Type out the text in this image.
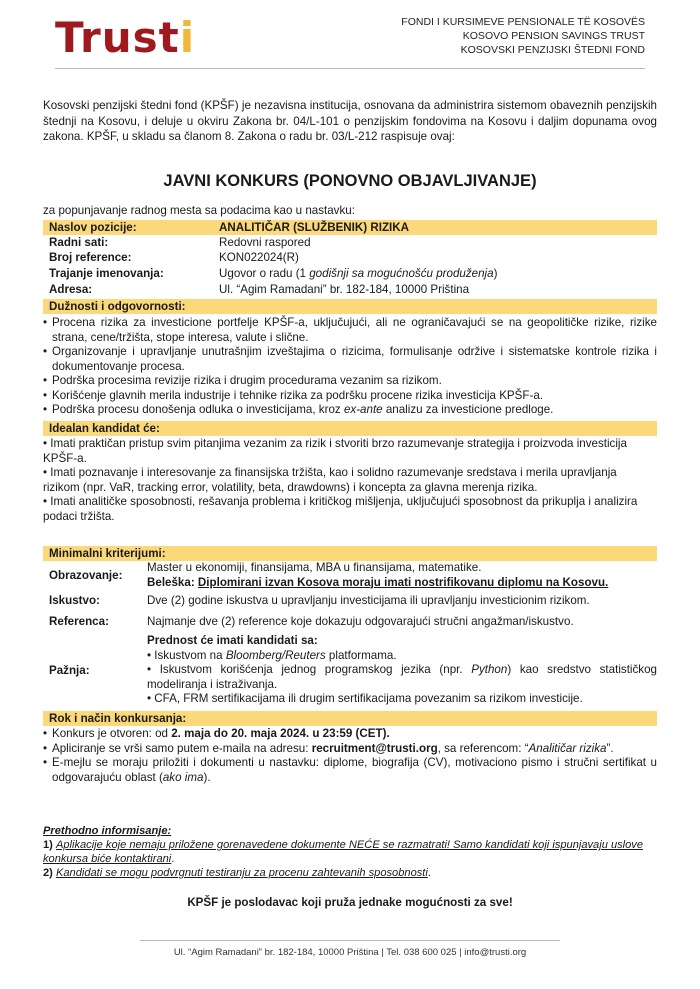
Trusti	FONDI I KURSIMEVE PENSIONALE TË KOSOVËS
KOSOVO PENSION SAVINGS TRUST
KOSOVSKI PENZIJSKI ŠTEDNI FOND
Kosovski penzijski štedni fond (KPŠF) je nezavisna institucija, osnovana da administrira sistemom obaveznih penzijskih štednji na Kosovu, i deluje u okviru Zakona br. 04/L-101 o penzijskim fondovima na Kosovu i daljim dopunama ovog zakona. KPŠF, u skladu sa članom 8. Zakona o radu br. 03/L-212 raspisuje ovaj:
JAVNI KONKURS (PONOVNO OBJAVLJIVANJE)
za popunjavanje radnog mesta sa podacima kao u nastavku:
Naslov pozicije:	ANALITIČAR (SLUŽBENIK) RIZIKA
Radni sati:	Redovni raspored
Broj reference:	KON022024(R)
Trajanje imenovanja:	Ugovor o radu (1 godišnji sa mogućnošću produženja)
Adresa:	Ul. “Agim Ramadani” br. 182-184, 10000 Priština
Dužnosti i odgovornosti:
• Procena rizika za investicione portfelje KPŠF-a, uključujući, ali ne ograničavajući se na geopolitičke rizike, rizike strana, cene/tržišta, stope interesa, valute i slične.
• Organizovanje i upravljanje unutrašnjim izveštajima o rizicima, formulisanje održive i sistematske kontrole rizika i dokumentovanje procesa.
• Podrška procesima revizije rizika i drugim procedurama vezanim sa rizikom.
• Korišćenje glavnih merila industrije i tehnike rizika za podršku procene rizika investicija KPŠF-a.
• Podrška procesu donošenja odluka o investicijama, kroz ex-ante analizu za investicione predloge.
Idealan kandidat će:

• Imati praktičan pristup svim pitanjima vezanim za rizik i stvoriti brzo razumevanje strategija i proizvoda investicija KPŠF-a.

• Imati poznavanje i interesovanje za finansijska tržišta, kao i solidno razumevanje sredstava i merila upravljanja rizikom (npr. VaR, tracking error, volatility, beta, drawdowns) i koncepta za glavna merenja rizika.

• Imati analitičke sposobnosti, rešavanja problema i kritičkog mišljenja, uključujući sposobnost da prikuplja i analizira podaci tržišta.

Minimalni kriterijumi:
Obrazovanje:
Master u ekonomiji, finansijama, MBA u finansijama, matematike.
Beleška: Diplomirani izvan Kosova moraju imati nostrifikovanu diplomu na Kosovu.
Iskustvo:	Dve (2) godine iskustva u upravljanju investicijama ili upravljanju investicionim rizikom.
Referenca:	Najmanje dve (2) reference koje dokazuju odgovarajući stručni angažman/iskustvo.
Pažnja:
Prednost će imati kandidati sa:
• Iskustvom na Bloomberg/Reuters platformama.
• Iskustvom korišćenja jednog programskog jezika (npr. Python) kao sredstvo statističkog modeliranja i istraživanja.
• CFA, FRM sertifikacijama ili drugim sertifikacijama povezanim sa rizikom investicije.
Rok i način konkursanja:
• Konkurs je otvoren: od 2. maja do 20. maja 2024. u 23:59 (CET).
• Apliciranje se vrši samo putem e-maila na adresu: recruitment@trusti.org, sa referencom: “Analitičar rizika”.
• E-mejlu se moraju priložiti i dokumenti u nastavku: diplome, biografija (CV), motivaciono pismo i stručni sertifikat u odgovarajuću oblast (ako ima).
Prethodno informisanje:
1) Aplikacije koje nemaju priložene gorenavedene dokumente NEĆE se razmatrati! Samo kandidati koji ispunjavaju uslove konkursa biće kontaktirani.
2) Kandidati se mogu podvrgnuti testiranju za procenu zahtevanih sposobnosti.
KPŠF je poslodavac koji pruža jednake mogućnosti za sve!
Ul. “Agim Ramadani” br. 182-184, 10000 Priština | Tel. 038 600 025 | info@trusti.org
